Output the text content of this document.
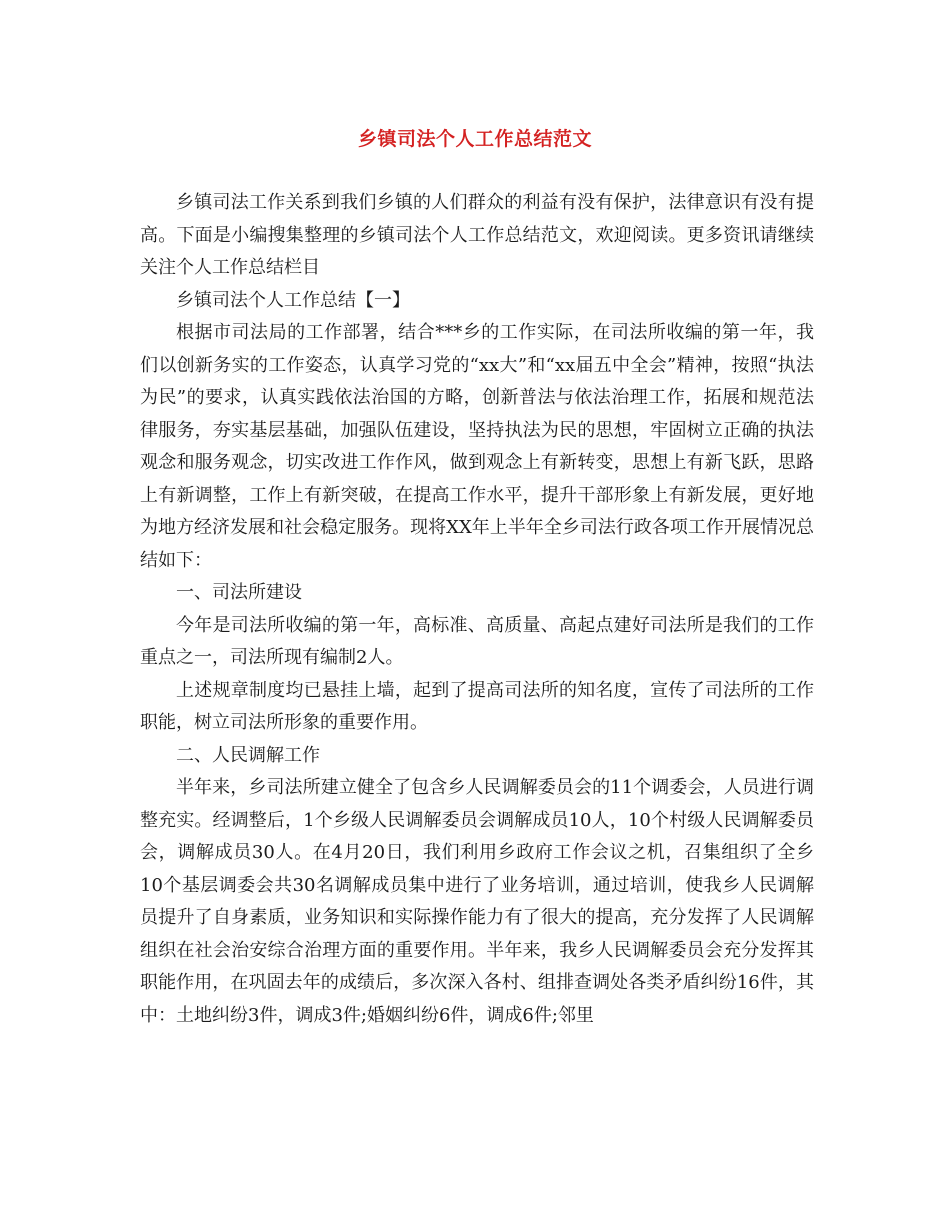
乡镇司法个人工作总结范文

乡镇司法工作关系到我们乡镇的人们群众的利益有没有保护，法律意识有没有提高。下面是小编搜集整理的乡镇司法个人工作总结范文，欢迎阅读。更多资讯请继续关注个人工作总结栏目

乡镇司法个人工作总结【一】

根据市司法局的工作部署，结合***乡的工作实际，在司法所收编的第一年，我们以创新务实的工作姿态，认真学习党的“xx大”和“xx届五中全会”精神，按照“执法为民”的要求，认真实践依法治国的方略，创新普法与依法治理工作，拓展和规范法律服务，夯实基层基础，加强队伍建设，坚持执法为民的思想，牢固树立正确的执法观念和服务观念，切实改进工作作风，做到观念上有新转变，思想上有新飞跃，思路上有新调整，工作上有新突破，在提高工作水平，提升干部形象上有新发展，更好地为地方经济发展和社会稳定服务。现将XX年上半年全乡司法行政各项工作开展情况总结如下：

一、司法所建设

今年是司法所收编的第一年，高标准、高质量、高起点建好司法所是我们的工作重点之一，司法所现有编制2人。

上述规章制度均已悬挂上墙，起到了提高司法所的知名度，宣传了司法所的工作职能，树立司法所形象的重要作用。

二、人民调解工作

半年来，乡司法所建立健全了包含乡人民调解委员会的11个调委会，人员进行调整充实。经调整后，1个乡级人民调解委员会调解成员10人，10个村级人民调解委员会，调解成员30人。在4月20日，我们利用乡政府工作会议之机，召集组织了全乡10个基层调委会共30名调解成员集中进行了业务培训，通过培训，使我乡人民调解员提升了自身素质，业务知识和实际操作能力有了很大的提高，充分发挥了人民调解组织在社会治安综合治理方面的重要作用。半年来，我乡人民调解委员会充分发挥其职能作用，在巩固去年的成绩后，多次深入各村、组排查调处各类矛盾纠纷16件，其中：土地纠纷3件，调成3件;婚姻纠纷6件，调成6件;邻里
